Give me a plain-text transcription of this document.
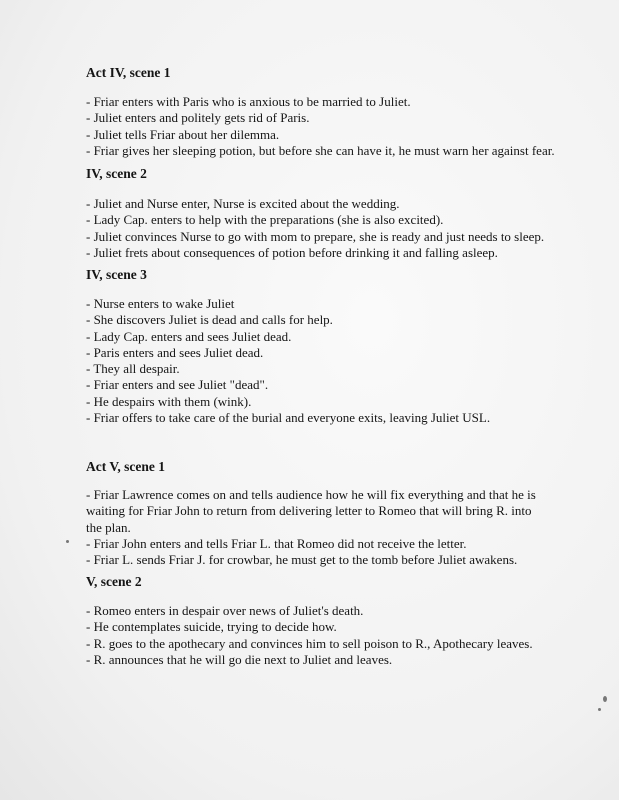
Act IV, scene 1
- Friar enters with Paris who is anxious to be married to Juliet.
- Juliet enters and politely gets rid of Paris.
- Juliet tells Friar about her dilemma.
- Friar gives her sleeping potion, but before she can have it, he must warn her against fear.
IV, scene 2
- Juliet and Nurse enter, Nurse is excited about the wedding.
- Lady Cap. enters to help with the preparations (she is also excited).
- Juliet convinces Nurse to go with mom to prepare, she is ready and just needs to sleep.
- Juliet frets about consequences of potion before drinking it and falling asleep.
IV, scene 3
- Nurse enters to wake Juliet
- She discovers Juliet is dead and calls for help.
- Lady Cap. enters and sees Juliet dead.
- Paris enters and sees Juliet dead.
- They all despair.
- Friar enters and see Juliet "dead".
- He despairs with them (wink).
- Friar offers to take care of the burial and everyone exits, leaving Juliet USL.
Act V, scene 1
- Friar Lawrence comes on and tells audience how he will fix everything and that he is
waiting for Friar John to return from delivering letter to Romeo that will bring R. into
the plan.
- Friar John enters and tells Friar L. that Romeo did not receive the letter.
- Friar L. sends Friar J. for crowbar, he must get to the tomb before Juliet awakens.
V, scene 2
- Romeo enters in despair over news of Juliet's death.
- He contemplates suicide, trying to decide how.
- R. goes to the apothecary and convinces him to sell poison to R., Apothecary leaves.
- R. announces that he will go die next to Juliet and leaves.
